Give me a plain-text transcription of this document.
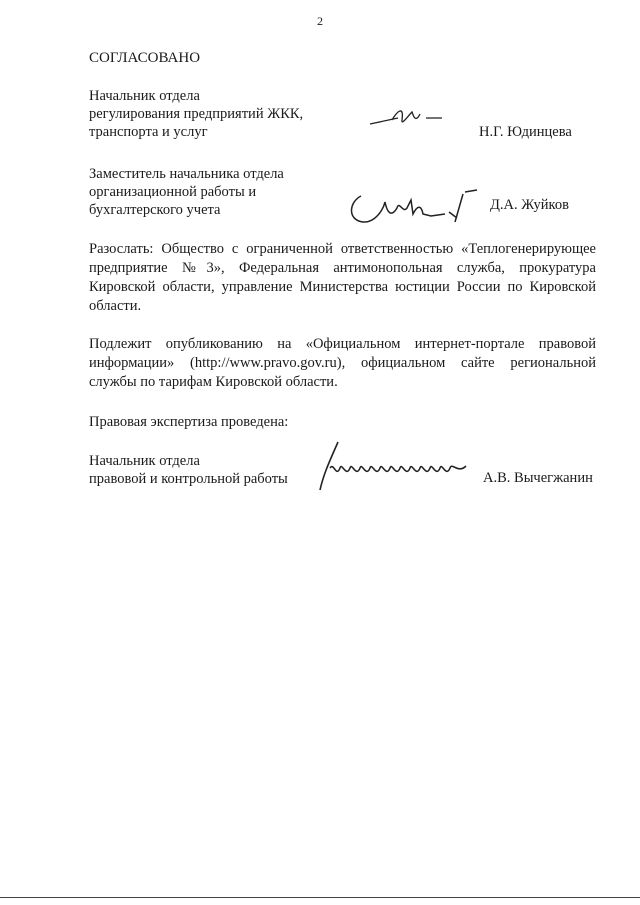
2
СОГЛАСОВАНО
Начальник отдела
регулирования предприятий ЖКК,
транспорта и услуг	Н.Г. Юдинцева
Заместитель начальника отдела
организационной работы и
бухгалтерского учета	Д.А. Жуйков
Разослать: Общество с ограниченной ответственностью «Теплогенерирующее предприятие №3», Федеральная антимонопольная служба, прокуратура Кировской области, управление Министерства юстиции России по Кировской области.
Подлежит опубликованию на «Официальном интернет-портале правовой информации» (http://www.pravo.gov.ru), официальном сайте региональной службы по тарифам Кировской области.
Правовая экспертиза проведена:
Начальник отдела
правовой и контрольной работы	А.В. Вычегжанин
